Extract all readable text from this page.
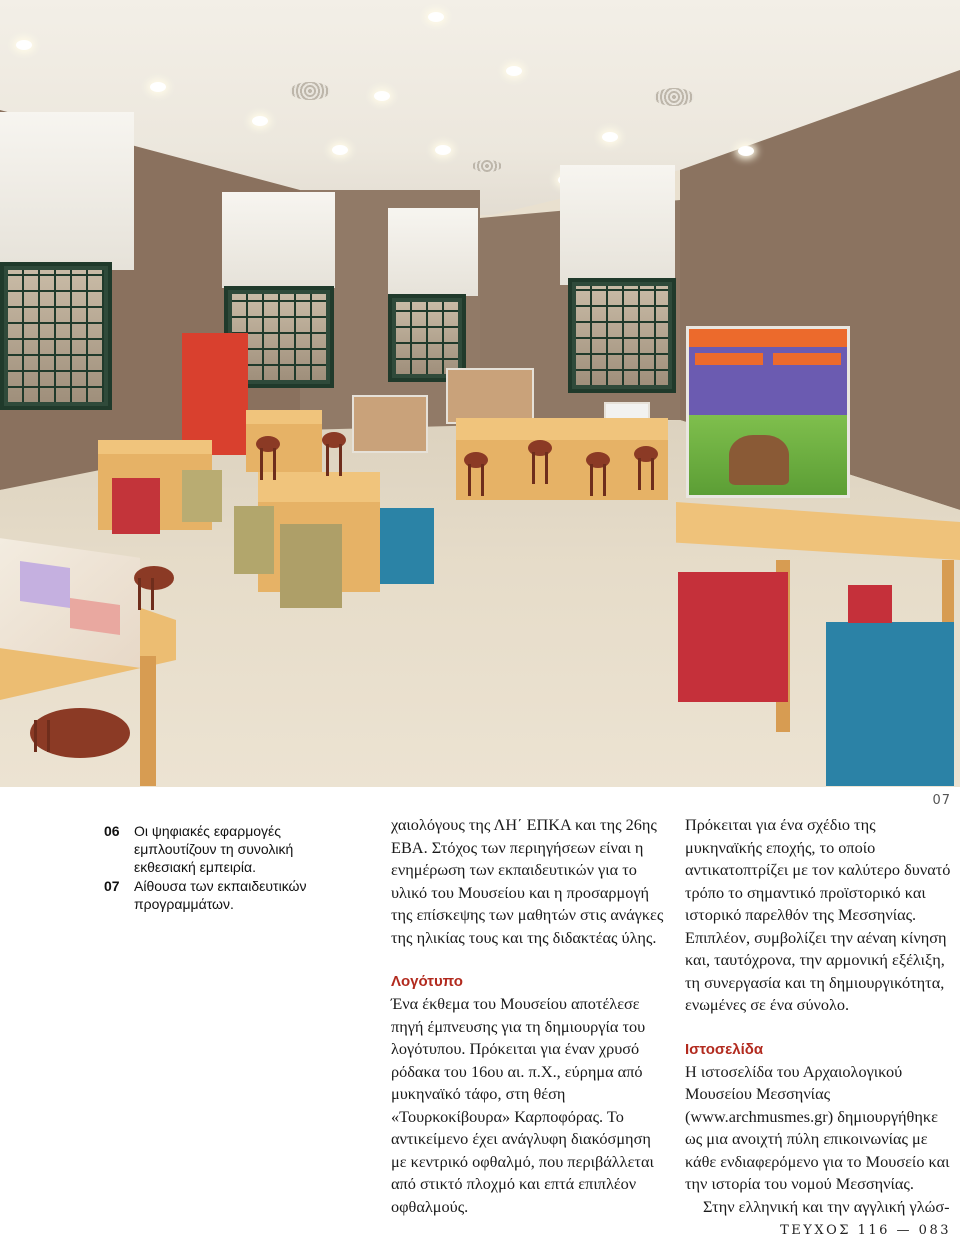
07
06	Οι ψηφιακές εφαρμογές εμπλουτίζουν τη συνολική εκθεσιακή εμπειρία.
07	Αίθουσα των εκπαιδευτικών προγραμμάτων.

χαιολόγους της ΛΗ΄ ΕΠΚΑ και της 26ης ΕΒΑ. Στόχος των περιηγήσεων είναι η ενημέρωση των εκπαιδευτικών για το υλικό του Μουσείου και η προσαρμογή της επίσκεψης των μαθητών στις ανάγκες της ηλικίας τους και της διδακτέας ύλης.

Λογότυπο

Ένα έκθεμα του Μουσείου αποτέλεσε πηγή έμπνευσης για τη δημιουργία του λογότυπου. Πρόκειται για έναν χρυσό ρόδακα του 16ου αι. π.Χ., εύρημα από μυκηναϊκό τάφο, στη θέση «Τουρκοκίβουρα» Καρποφόρας. Το αντικείμενο έχει ανάγλυφη διακόσμηση με κεντρικό οφθαλμό, που περιβάλλεται από στικτό πλοχμό και επτά επιπλέον οφθαλμούς.

Πρόκειται για ένα σχέδιο της μυκηναϊκής εποχής, το οποίο αντικατοπτρίζει με τον καλύτερο δυνατό τρόπο το σημαντικό προϊστορικό και ιστορικό παρελθόν της Μεσσηνίας. Επιπλέον, συμβολίζει την αέναη κίνηση και, ταυτόχρονα, την αρμονική εξέλιξη, τη συνεργασία και τη δημιουργικότητα, ενωμένες σε ένα σύνολο.

Ιστοσελίδα

Η ιστοσελίδα του Αρχαιολογικού Μουσείου Μεσσηνίας (www.archmusmes.gr) δημιουργήθηκε ως μια ανοιχτή πύλη επικοινωνίας με κάθε ενδιαφερόμενο για το Μουσείο και την ιστορία του νομού Μεσσηνίας.

Στην ελληνική και την αγγλική γλώσ-

ΤΕΥΧΟΣ 116 — 083
